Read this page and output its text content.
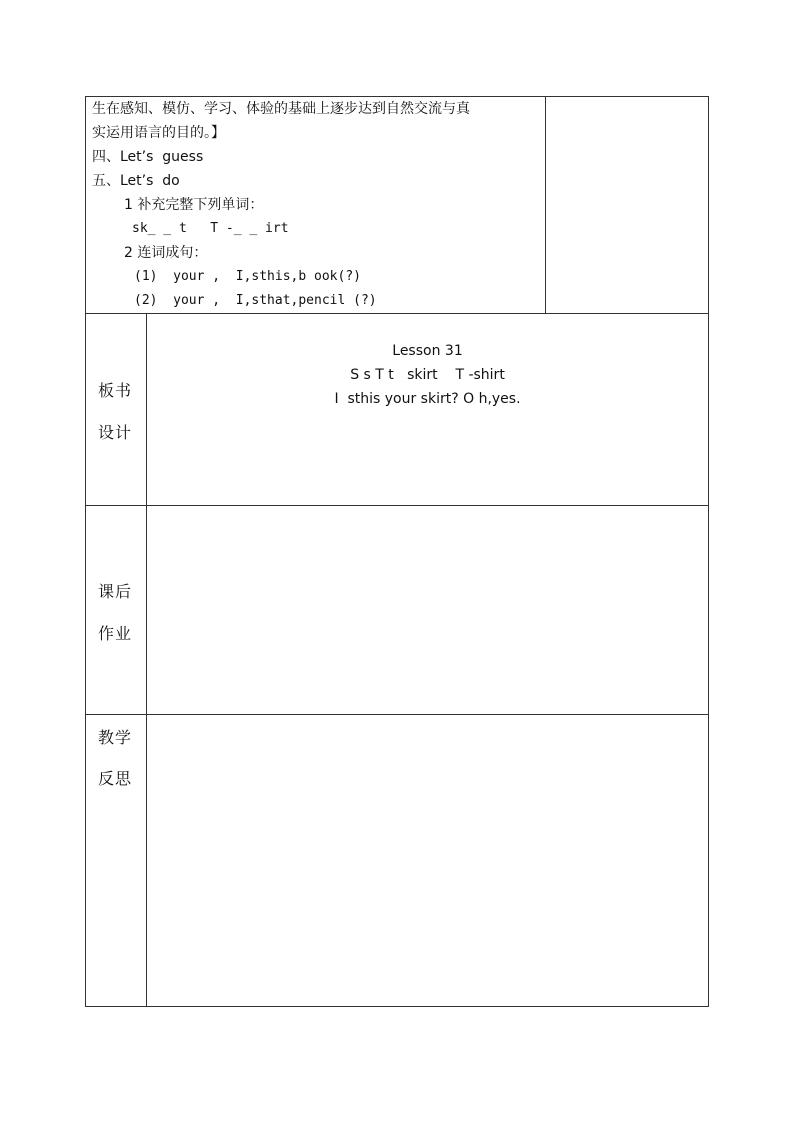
生在感知、模仿、学习、体验的基础上逐步达到自然交流与真
实运用语言的目的。】
四、Let’s  guess
五、Let’s  do
1 补充完整下列单词：
sk_ _ t   T -_ _ irt
2 连词成句：
(1)  your ,  I,sthis,b ook(?)
(2)  your ,  I,sthat,pencil (?)
板书
设计
Lesson 31
S s T t   skirt    T -shirt
I  sthis your skirt? O h,yes.
课后
作业
教学
反思
